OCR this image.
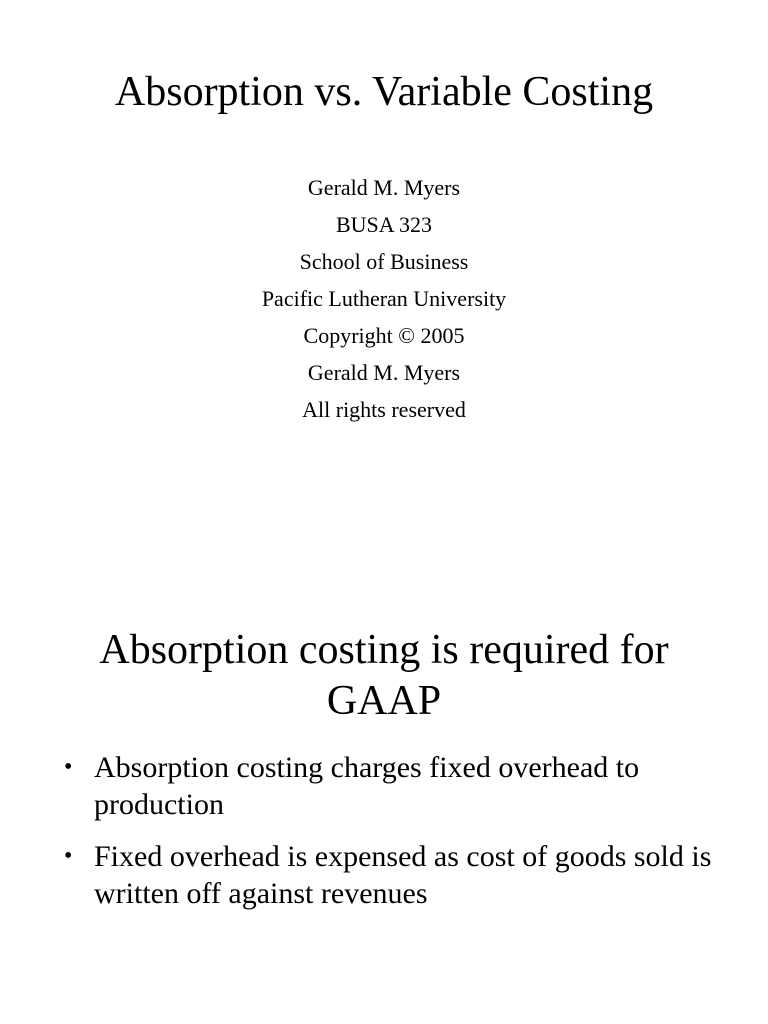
Absorption vs. Variable Costing
Gerald M. Myers
BUSA 323
School of Business
Pacific Lutheran University
Copyright © 2005
Gerald M. Myers
All rights reserved
Absorption costing is required for
GAAP
• Absorption costing charges fixed overhead to production
• Fixed overhead is expensed as cost of goods sold is written off against revenues
